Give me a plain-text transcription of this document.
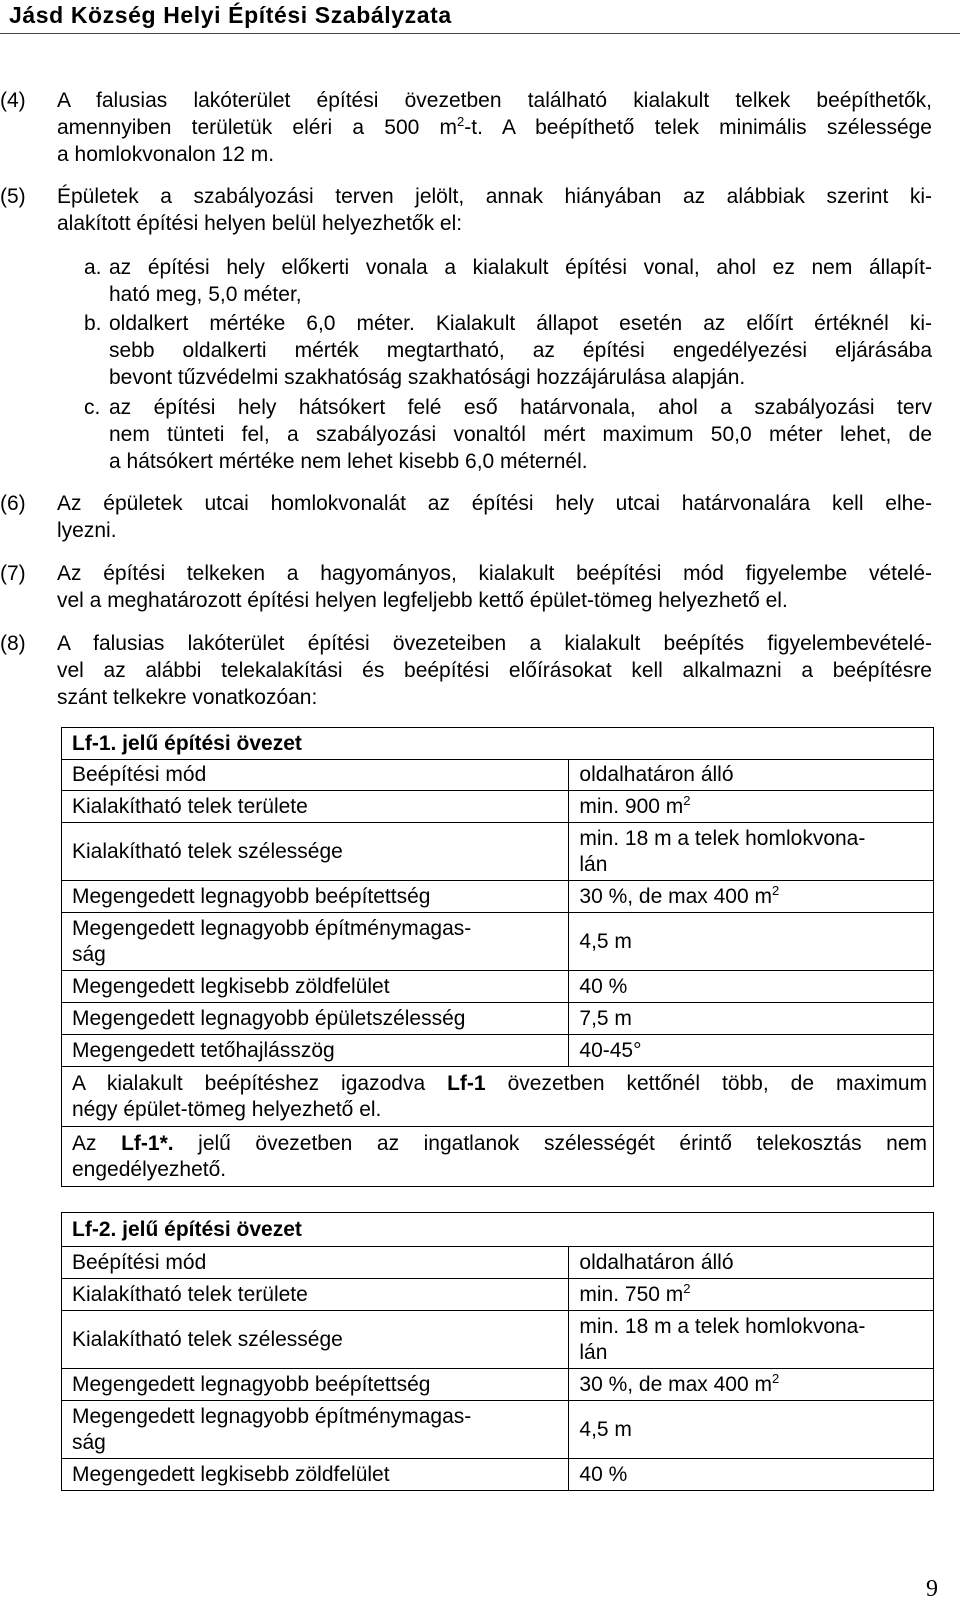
Jásd Község Helyi Építési Szabályzata
(4) A falusias lakóterület építési övezetben található kialakult telkek beépíthetők,
amennyiben területük eléri a 500 $m^2-t$. A beépíthető telek minimális szélessége
a homlokvonalon 12 m.
(5) Épületek a szabályozási terven jelölt, annak hiányában az alábbiak szerint ki-
alakított építési helyen belül helyezhetők el:
a. az építési hely előkerti vonala a kialakult építési vonal, ahol ez nem állapít-
ható meg, 5,0 méter,
b. oldalkert mértéke 6,0 méter. Kialakult állapot esetén az előírt értéknél ki-
sebb oldalkerti mérték megtartható, az építési engedélyezési eljárásába
bevont tűzvédelmi szakhatóság szakhatósági hozzájárulása alapján.
c. az építési hely hátsókert felé eső határvonala, ahol a szabályozási terv
nem tünteti fel, a szabályozási vonaltól mért maximum 50,0 méter lehet, de
a hátsókert mértéke nem lehet kisebb 6,0 méternél.
(6) Az épületek utcai homlokvonalát az építési hely utcai határvonalára kell elhe-
lyezni.
(7) Az építési telkeken a hagyományos, kialakult beépítési mód figyelembe vételé-
vel a meghatározott építési helyen legfeljebb kettő épület-tömeg helyezhető el.
(8) A falusias lakóterület építési övezeteiben a kialakult beépítés figyelembevételé-
vel az alábbi telekalakítási és beépítési előírásokat kell alkalmazni a beépítésre
szánt telkekre vonatkozóan:
Lf-1. jelű építési övezet	
Beépítési mód	oldalhatáron álló
Kialakítható telek területe	min. 900 $m^2$
Kialakítható telek szélessége	min. 18 m a telek homlokvona-
lán

Megengedett legnagyobb beépítettség	30 %, de max 400 $m^2$

Megengedett legnagyobb építménymagas-
ság	4,5 m
Megengedett legkisebb zöldfelület	40 %
Megengedett legnagyobb épületszélesség	7,5 m
Megengedett tetőhajlásszög	40-45°

A kialakult beépítéshez igazodva Lf-1 övezetben kettőnél több, de maximum
négy épület-tömeg helyezhető el.	

Az Lf-1*. jelű övezetben az ingatlanok szélességét érintő telekosztás nem
engedélyezhető.	
Lf-2. jelű építési övezet	
Beépítési mód	oldalhatáron álló
Kialakítható telek területe	min. 750 $m^2$
Kialakítható telek szélessége	min. 18 m a telek homlokvona-
lán

Megengedett legnagyobb beépítettség	30 %, de max 400 $m^2$

Megengedett legnagyobb építménymagas-
ság	4,5 m
Megengedett legkisebb zöldfelület	40 %
9
